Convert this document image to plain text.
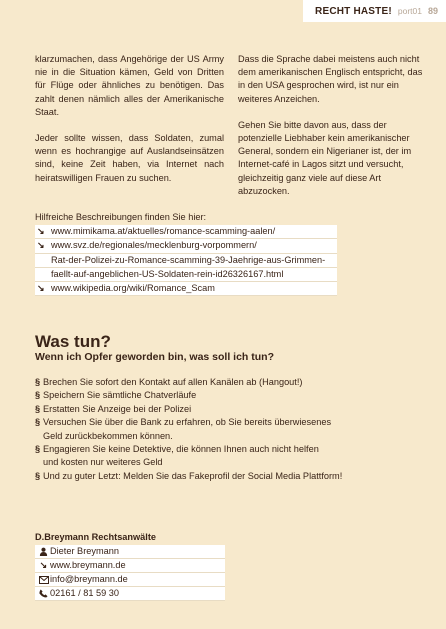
RECHT HASTE! port01 89

klarzumachen, dass Angehörige der US Army nie in die Situation kämen, Geld von Dritten für Flüge oder ähnliches zu benötigen. Das zahlt denen nämlich alles der Amerikanische Staat.

Jeder sollte wissen, dass Soldaten, zumal wenn es hochrangige auf Auslandseinsätzen sind, keine Zeit haben, via Internet nach heiratswilligen Frauen zu suchen.

Dass die Sprache dabei meistens auch nicht dem amerikanischen Englisch entspricht, das in den USA gesprochen wird, ist nur ein weiteres Anzeichen.

Gehen Sie bitte davon aus, dass der potenzielle Liebhaber kein amerikanischer General, sondern ein Nigerianer ist, der im Internet-café in Lagos sitzt und versucht, gleichzeitig ganz viele auf diese Art abzuzocken.

Hilfreiche Beschreibungen finden Sie hier:
↘ www.mimikama.at/aktuelles/romance-scamming-aalen/
↘ www.svz.de/regionales/mecklenburg-vorpommern/
Rat-der-Polizei-zu-Romance-scamming-39-Jaehrige-aus-Grimmen-
faellt-auf-angeblichen-US-Soldaten-rein-id26326167.html
↘ www.wikipedia.org/wiki/Romance_Scam
Was tun?
Wenn ich Opfer geworden bin, was soll ich tun?
§ Brechen Sie sofort den Kontakt auf allen Kanälen ab (Hangout!)
§ Speichern Sie sämtliche Chatverläufe
§ Erstatten Sie Anzeige bei der Polizei
§ Versuchen Sie über die Bank zu erfahren, ob Sie bereits überwiesenes
Geld zurückbekommen können.
§ Engagieren Sie keine Detektive, die können Ihnen auch nicht helfen
und kosten nur weiteres Geld
§ Und zu guter Letzt: Melden Sie das Fakeprofil der Social Media Plattform!
D.Breymann Rechtsanwälte
Dieter Breymann
↘ www.breymann.de
info@breymann.de
02161 / 81 59 30
